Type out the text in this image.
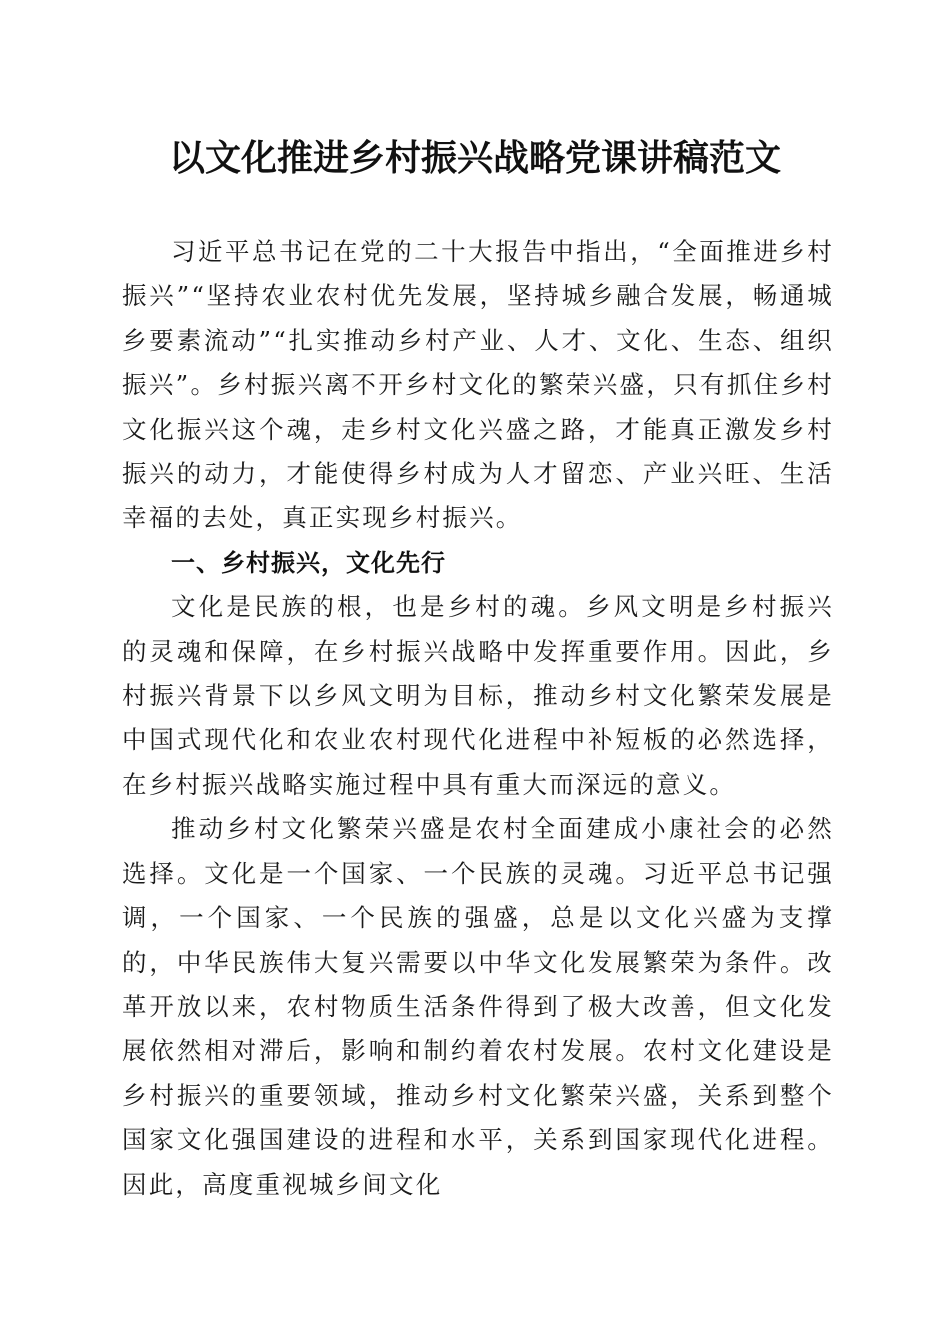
以文化推进乡村振兴战略党课讲稿范文

习近平总书记在党的二十大报告中指出，“全面推进乡村振兴”“坚持农业农村优先发展，坚持城乡融合发展，畅通城乡要素流动”“扎实推动乡村产业、人才、文化、生态、组织振兴”。乡村振兴离不开乡村文化的繁荣兴盛，只有抓住乡村文化振兴这个魂，走乡村文化兴盛之路，才能真正激发乡村振兴的动力，才能使得乡村成为人才留恋、产业兴旺、生活幸福的去处，真正实现乡村振兴。

一、乡村振兴，文化先行

文化是民族的根，也是乡村的魂。乡风文明是乡村振兴的灵魂和保障，在乡村振兴战略中发挥重要作用。因此，乡村振兴背景下以乡风文明为目标，推动乡村文化繁荣发展是中国式现代化和农业农村现代化进程中补短板的必然选择，在乡村振兴战略实施过程中具有重大而深远的意义。

推动乡村文化繁荣兴盛是农村全面建成小康社会的必然选择。文化是一个国家、一个民族的灵魂。习近平总书记强调，一个国家、一个民族的强盛，总是以文化兴盛为支撑的，中华民族伟大复兴需要以中华文化发展繁荣为条件。改革开放以来，农村物质生活条件得到了极大改善，但文化发展依然相对滞后，影响和制约着农村发展。农村文化建设是乡村振兴的重要领域，推动乡村文化繁荣兴盛，关系到整个国家文化强国建设的进程和水平，关系到国家现代化进程。因此，高度重视城乡间文化
